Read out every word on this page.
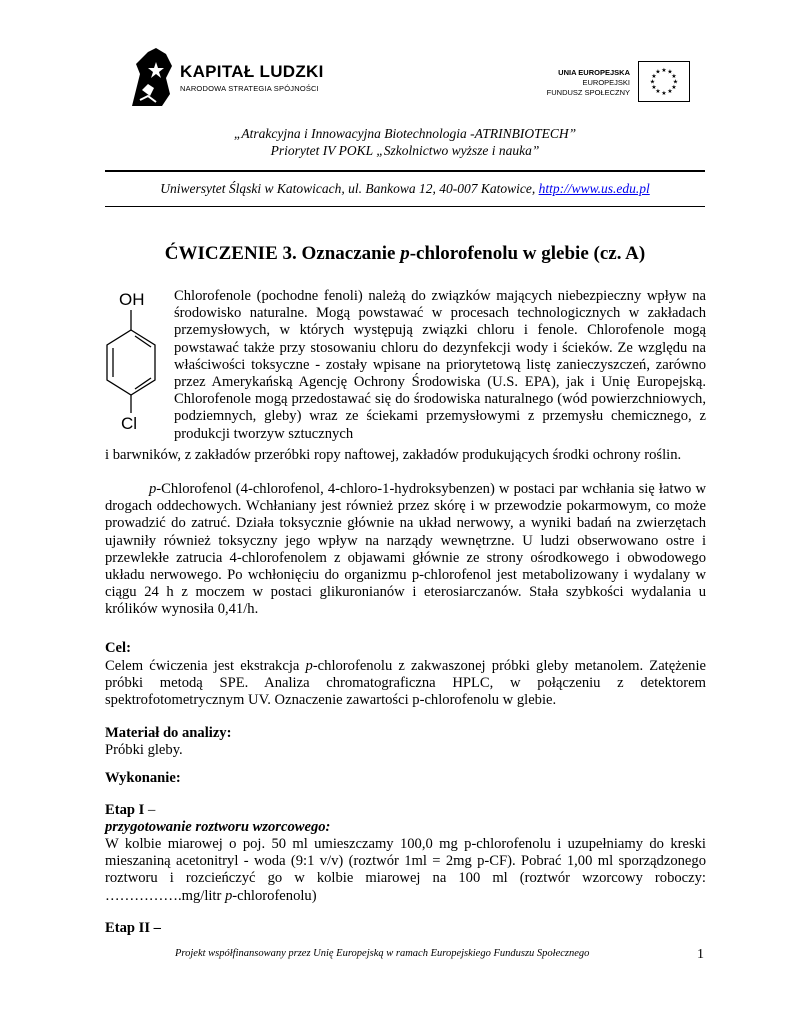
KAPITAŁ LUDZKI
NARODOWA STRATEGIA SPÓJNOŚCI
UNIA EUROPEJSKA
EUROPEJSKI
FUNDUSZ SPOŁECZNY
★ ★
★
★
★
★
★
★
★
★
★
★
„Atrakcyjna i Innowacyjna Biotechnologia -ATRINBIOTECH”
Priorytet IV POKL „Szkolnictwo wyższe i nauka”
Uniwersytet Śląski w Katowicach, ul. Bankowa 12, 40-007 Katowice, http://www.us.edu.pl
ĆWICZENIE 3. Oznaczanie p-chlorofenolu w glebie (cz. A)
OH
Cl

Chlorofenole (pochodne fenoli) należą do związków mających niebezpieczny wpływ na środowisko naturalne. Mogą powstawać w procesach technologicznych w zakładach przemysłowych, w których występują związki chloru i fenole. Chlorofenole mogą powstawać także przy stosowaniu chloru do dezynfekcji wody i ścieków. Ze względu na właściwości toksyczne - zostały wpisane na priorytetową listę zanieczyszczeń, zarówno przez Amerykańską Agencję Ochrony Środowiska (U.S. EPA), jak i Unię Europejską. Chlorofenole mogą przedostawać się do środowiska naturalnego (wód powierzchniowych, podziemnych, gleby) wraz ze ściekami przemysłowymi z przemysłu chemicznego, z produkcji tworzyw sztucznych

i barwników, z zakładów przeróbki ropy naftowej, zakładów produkujących środki ochrony roślin.

p-Chlorofenol (4-chlorofenol, 4-chloro-1-hydroksybenzen) w postaci par wchłania się łatwo w drogach oddechowych. Wchłaniany jest również przez skórę i w przewodzie pokarmowym, co może prowadzić do zatruć. Działa toksycznie głównie na układ nerwowy, a wyniki badań na zwierzętach ujawniły również toksyczny jego wpływ na narządy wewnętrzne. U ludzi obserwowano ostre i przewlekłe zatrucia 4-chlorofenolem z objawami głównie ze strony ośrodkowego i obwodowego układu nerwowego. Po wchłonięciu do organizmu p-chlorofenol jest metabolizowany i wydalany w ciągu 24 h z moczem w postaci glikuronianów i eterosiarczanów. Stała szybkości wydalania u królików wynosiła 0,41/h.

Cel:

Celem ćwiczenia jest ekstrakcja p-chlorofenolu z zakwaszonej próbki gleby metanolem. Zatężenie próbki metodą SPE. Analiza chromatograficzna HPLC, w połączeniu z detektorem spektrofotometrycznym UV. Oznaczenie zawartości p-chlorofenolu w glebie.

Materiał do analizy:

Próbki gleby.

Wykonanie:

Etap I –

przygotowanie roztworu wzorcowego:

W kolbie miarowej o poj. 50 ml umieszczamy 100,0 mg p-chlorofenolu i uzupełniamy do kreski mieszaniną acetonitryl - woda (9:1 v/v) (roztwór 1ml = 2mg p-CF). Pobrać 1,00 ml sporządzonego roztworu i rozcieńczyć go w kolbie miarowej na 100 ml (roztwór wzorcowy roboczy: …………….mg/litr p-chlorofenolu)

Etap II –

Projekt współfinansowany przez Unię Europejską w ramach Europejskiego Funduszu Społecznego	1
